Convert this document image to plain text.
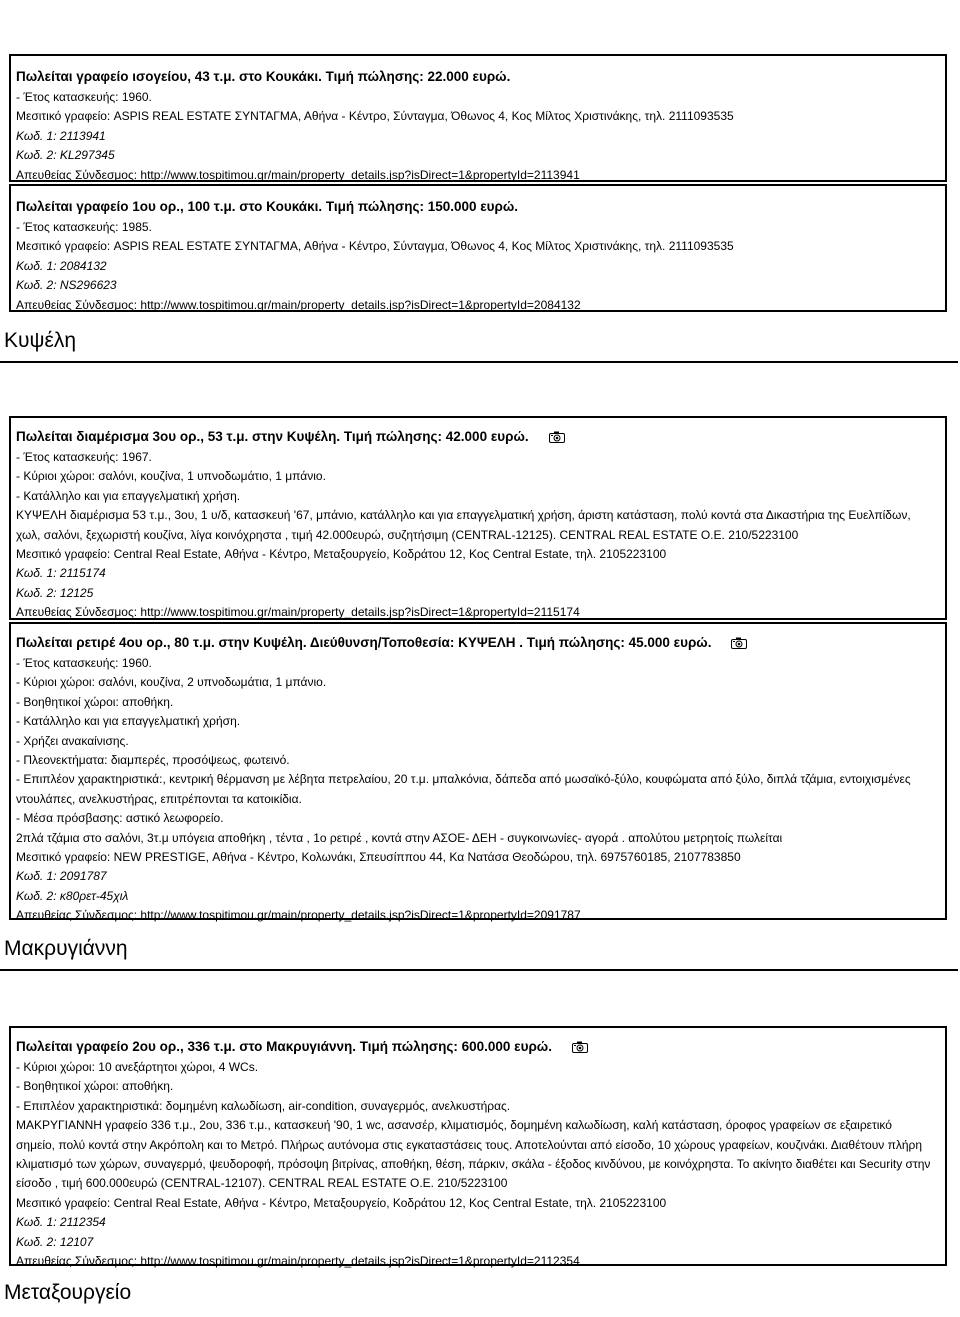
Πωλείται γραφείο ισογείου, 43 τ.μ. στο Κουκάκι. Τιμή πώλησης: 22.000 ευρώ.
- Έτος κατασκευής: 1960.
Μεσιτικό γραφείο: ASPIS REAL ESTATE ΣΥΝΤΑΓΜΑ, Αθήνα - Κέντρο, Σύνταγμα, Όθωνος 4, Κος Μίλτος Χριστινάκης, τηλ. 2111093535
Κωδ. 1: 2113941
Κωδ. 2: KL297345
Απευθείας Σύνδεσμος: http://www.tospitimou.gr/main/property_details.jsp?isDirect=1&propertyId=2113941
Πωλείται γραφείο 1ου ορ., 100 τ.μ. στο Κουκάκι. Τιμή πώλησης: 150.000 ευρώ.
- Έτος κατασκευής: 1985.
Μεσιτικό γραφείο: ASPIS REAL ESTATE ΣΥΝΤΑΓΜΑ, Αθήνα - Κέντρο, Σύνταγμα, Όθωνος 4, Κος Μίλτος Χριστινάκης, τηλ. 2111093535
Κωδ. 1: 2084132
Κωδ. 2: NS296623
Απευθείας Σύνδεσμος: http://www.tospitimou.gr/main/property_details.jsp?isDirect=1&propertyId=2084132
Κυψέλη
Πωλείται διαμέρισμα 3ου ορ., 53 τ.μ. στην Κυψέλη. Τιμή πώλησης: 42.000 ευρώ.
- Έτος κατασκευής: 1967.
- Κύριοι χώροι: σαλόνι, κουζίνα, 1 υπνοδωμάτιο, 1 μπάνιο.
- Κατάλληλο και για επαγγελματική χρήση.
ΚΥΨΕΛΗ διαμέρισμα 53 τ.μ., 3ου, 1 υ/δ, κατασκευή '67, μπάνιο, κατάλληλο και για επαγγελματική χρήση, άριστη κατάσταση, πολύ κοντά στα Δικαστήρια της Ευελπίδων, χωλ, σαλόνι, ξεχωριστή κουζίνα, λίγα κοινόχρηστα , τιμή 42.000ευρώ, συζητήσιμη (CENTRAL-12125). CENTRAL REAL ESTATE O.E. 210/5223100
Μεσιτικό γραφείο: Central Real Estate, Αθήνα - Κέντρο, Μεταξουργείο, Κοδράτου 12, Κος Central Estate, τηλ. 2105223100
Κωδ. 1: 2115174
Κωδ. 2: 12125
Απευθείας Σύνδεσμος: http://www.tospitimou.gr/main/property_details.jsp?isDirect=1&propertyId=2115174
Πωλείται ρετιρέ 4ου ορ., 80 τ.μ. στην Κυψέλη. Διεύθυνση/Τοποθεσία: ΚΥΨΕΛΗ . Τιμή πώλησης: 45.000 ευρώ.
- Έτος κατασκευής: 1960.
- Κύριοι χώροι: σαλόνι, κουζίνα, 2 υπνοδωμάτια, 1 μπάνιο.
- Βοηθητικοί χώροι: αποθήκη.
- Κατάλληλο και για επαγγελματική χρήση.
- Χρήζει ανακαίνισης.
- Πλεονεκτήματα: διαμπερές, προσόψεως, φωτεινό.
- Επιπλέον χαρακτηριστικά:, κεντρική θέρμανση με λέβητα πετρελαίου, 20 τ.μ. μπαλκόνια, δάπεδα από μωσαϊκό-ξύλο, κουφώματα από ξύλο, διπλά τζάμια, εντοιχισμένες ντουλάπες, ανελκυστήρας, επιτρέπονται τα κατοικίδια.
- Μέσα πρόσβασης: αστικό λεωφορείο.
2πλά τζάμια στο σαλόνι, 3τ.μ υπόγεια αποθήκη , τέντα , 1ο ρετιρέ , κοντά στην ΑΣΟΕ- ΔΕΗ - συγκοινωνίες- αγορά . απολύτου μετρητοίς πωλείται
Μεσιτικό γραφείο: NEW PRESTIGE, Αθήνα - Κέντρο, Κολωνάκι, Σπευσίππου 44, Κα Νατάσα Θεοδώρου, τηλ. 6975760185, 2107783850
Κωδ. 1: 2091787
Κωδ. 2: κ80ρετ-45χιλ
Απευθείας Σύνδεσμος: http://www.tospitimou.gr/main/property_details.jsp?isDirect=1&propertyId=2091787
Μακρυγιάννη
Πωλείται γραφείο 2ου ορ., 336 τ.μ. στο Μακρυγιάννη. Τιμή πώλησης: 600.000 ευρώ.
- Κύριοι χώροι: 10 ανεξάρτητοι χώροι, 4 WCs.
- Βοηθητικοί χώροι: αποθήκη.
- Επιπλέον χαρακτηριστικά: δομημένη καλωδίωση, air-condition, συναγερμός, ανελκυστήρας.
ΜΑΚΡΥΓΙΑΝΝΗ γραφείο 336 τ.μ., 2ου, 336 τ.μ., κατασκευή '90, 1 wc, ασανσέρ, κλιματισμός, δομημένη καλωδίωση, καλή κατάσταση, όροφος γραφείων σε εξαιρετικό σημείο, πολύ κοντά στην Ακρόπολη και το Μετρό. Πλήρως αυτόνομα στις εγκαταστάσεις τους. Αποτελούνται από είσοδο, 10 χώρους γραφείων, κουζινάκι. Διαθέτουν πλήρη κλιματισμό των χώρων, συναγερμό, ψευδοροφή, πρόσοψη βιτρίνας, αποθήκη, θέση, πάρκιν, σκάλα - έξοδος κινδύνου, με κοινόχρηστα. Το ακίνητο διαθέτει και Security στην είσοδο , τιμή 600.000ευρώ (CENTRAL-12107). CENTRAL REAL ESTATE O.E. 210/5223100
Μεσιτικό γραφείο: Central Real Estate, Αθήνα - Κέντρο, Μεταξουργείο, Κοδράτου 12, Κος Central Estate, τηλ. 2105223100
Κωδ. 1: 2112354
Κωδ. 2: 12107
Απευθείας Σύνδεσμος: http://www.tospitimou.gr/main/property_details.jsp?isDirect=1&propertyId=2112354
Μεταξουργείο
